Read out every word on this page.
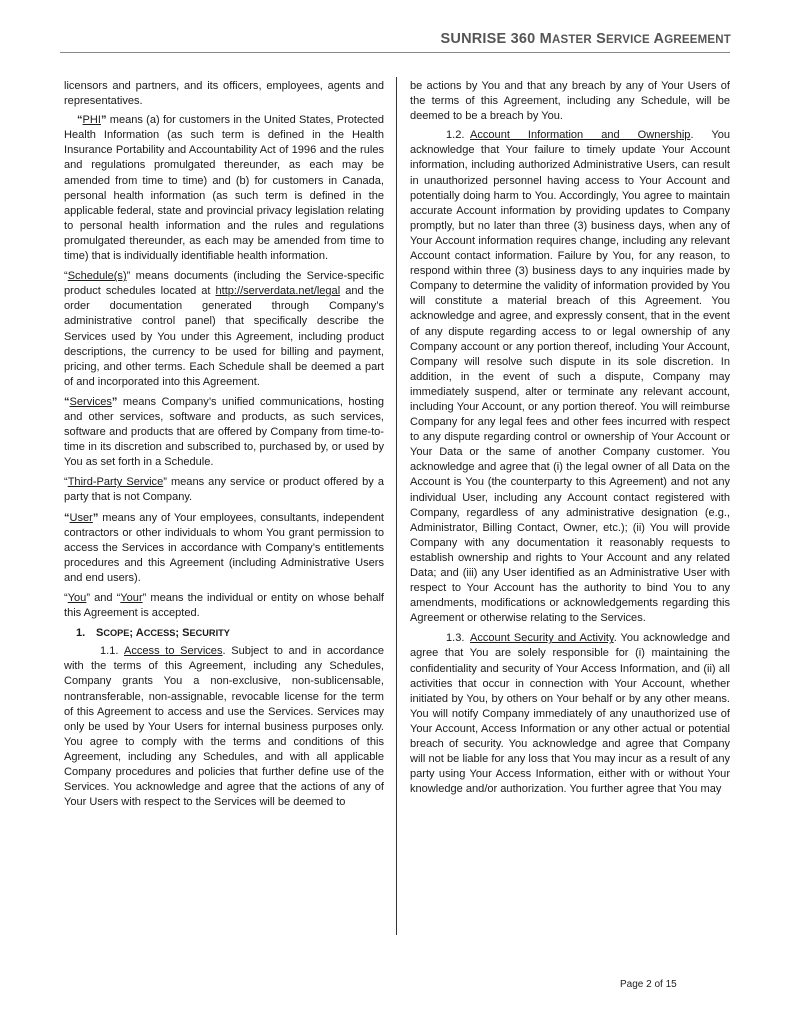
SUNRISE 360 MASTER SERVICE AGREEMENT

licensors and partners, and its officers, employees, agents and representatives.

“PHI” means (a) for customers in the United States, Protected Health Information (as such term is defined in the Health Insurance Portability and Accountability Act of 1996 and the rules and regulations promulgated thereunder, as each may be amended from time to time) and (b) for customers in Canada, personal health information (as such term is defined in the applicable federal, state and provincial privacy legislation relating to personal health information and the rules and regulations promulgated thereunder, as each may be amended from time to time) that is individually identifiable health information.

“Schedule(s)” means documents (including the Service-specific product schedules located at http://serverdata.net/legal and the order documentation generated through Company’s administrative control panel) that specifically describe the Services used by You under this Agreement, including product descriptions, the currency to be used for billing and payment, pricing, and other terms. Each Schedule shall be deemed a part of and incorporated into this Agreement.

“Services” means Company’s unified communications, hosting and other services, software and products, as such services, software and products that are offered by Company from time-to-time in its discretion and subscribed to, purchased by, or used by You as set forth in a Schedule.

“Third-Party Service” means any service or product offered by a party that is not Company.

“User” means any of Your employees, consultants, independent contractors or other individuals to whom You grant permission to access the Services in accordance with Company’s entitlements procedures and this Agreement (including Administrative Users and end users).

“You” and “Your” means the individual or entity on whose behalf this Agreement is accepted.

1. SCOPE; ACCESS; SECURITY

1.1. Access to Services. Subject to and in accordance with the terms of this Agreement, including any Schedules, Company grants You a non-exclusive, non-sublicensable, nontransferable, non-assignable, revocable license for the term of this Agreement to access and use the Services. Services may only be used by Your Users for internal business purposes only. You agree to comply with the terms and conditions of this Agreement, including any Schedules, and with all applicable Company procedures and policies that further define use of the Services. You acknowledge and agree that the actions of any of Your Users with respect to the Services will be deemed to

be actions by You and that any breach by any of Your Users of the terms of this Agreement, including any Schedule, will be deemed to be a breach by You.

1.2. Account Information and Ownership. You acknowledge that Your failure to timely update Your Account information, including authorized Administrative Users, can result in unauthorized personnel having access to Your Account and potentially doing harm to You. Accordingly, You agree to maintain accurate Account information by providing updates to Company promptly, but no later than three (3) business days, when any of Your Account information requires change, including any relevant Account contact information. Failure by You, for any reason, to respond within three (3) business days to any inquiries made by Company to determine the validity of information provided by You will constitute a material breach of this Agreement. You acknowledge and agree, and expressly consent, that in the event of any dispute regarding access to or legal ownership of any Company account or any portion thereof, including Your Account, Company will resolve such dispute in its sole discretion. In addition, in the event of such a dispute, Company may immediately suspend, alter or terminate any relevant account, including Your Account, or any portion thereof. You will reimburse Company for any legal fees and other fees incurred with respect to any dispute regarding control or ownership of Your Account or Your Data or the same of another Company customer. You acknowledge and agree that (i) the legal owner of all Data on the Account is You (the counterparty to this Agreement) and not any individual User, including any Account contact registered with Company, regardless of any administrative designation (e.g., Administrator, Billing Contact, Owner, etc.); (ii) You will provide Company with any documentation it reasonably requests to establish ownership and rights to Your Account and any related Data; and (iii) any User identified as an Administrative User with respect to Your Account has the authority to bind You to any amendments, modifications or acknowledgements regarding this Agreement or otherwise relating to the Services.

1.3. Account Security and Activity. You acknowledge and agree that You are solely responsible for (i) maintaining the confidentiality and security of Your Access Information, and (ii) all activities that occur in connection with Your Account, whether initiated by You, by others on Your behalf or by any other means. You will notify Company immediately of any unauthorized use of Your Account, Access Information or any other actual or potential breach of security. You acknowledge and agree that Company will not be liable for any loss that You may incur as a result of any party using Your Access Information, either with or without Your knowledge and/or authorization. You further agree that You may

Page 2 of 15
